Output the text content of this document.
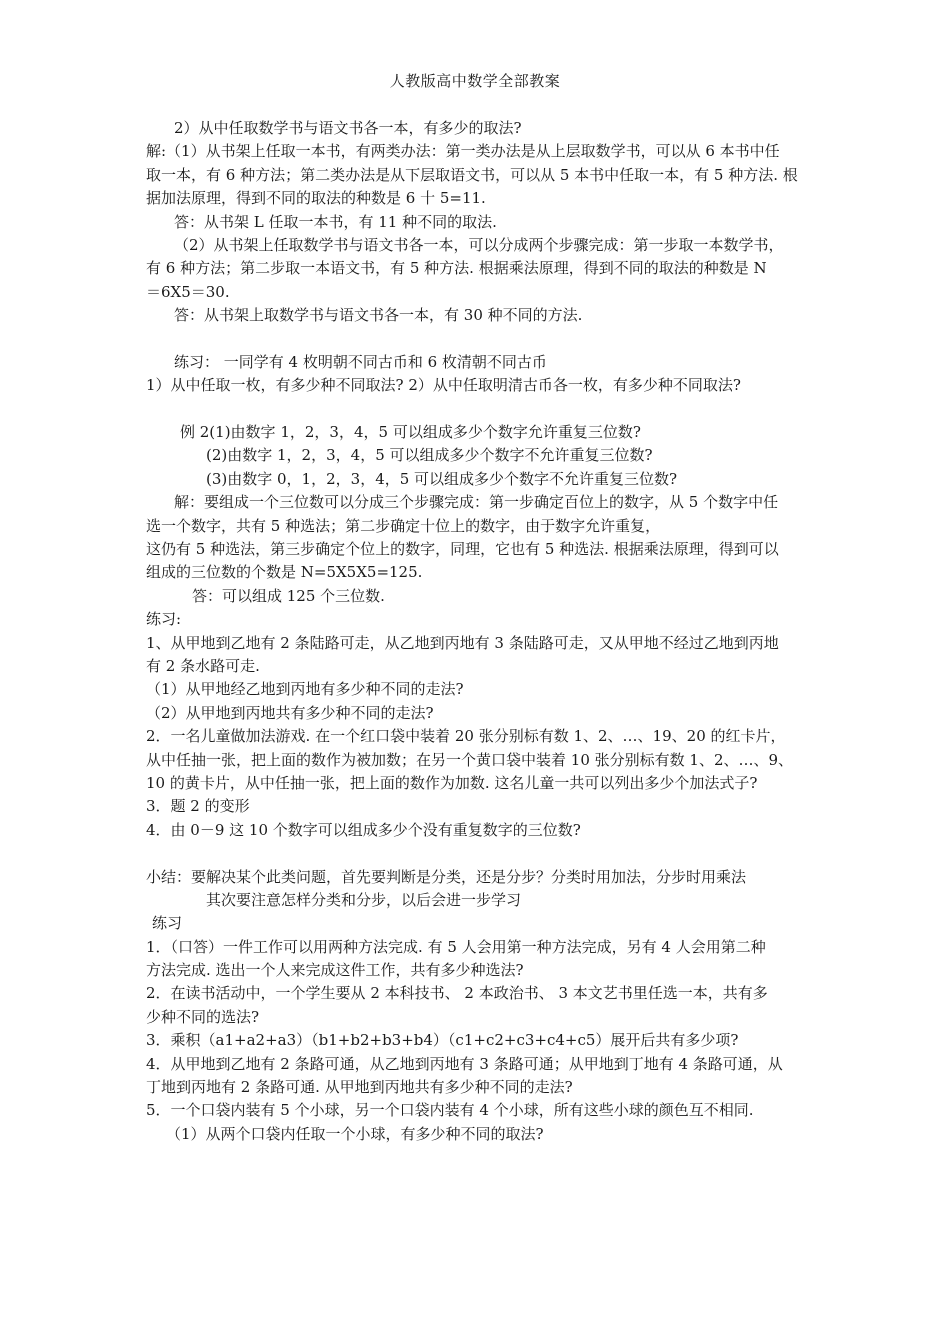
人教版高中数学全部教案
2）从中任取数学书与语文书各一本，有多少的取法?
解:（1）从书架上任取一本书，有两类办法：第一类办法是从上层取数学书，可以从 6 本书中任
取一本，有 6 种方法；第二类办法是从下层取语文书，可以从 5 本书中任取一本，有 5 种方法. 根
据加法原理，得到不同的取法的种数是 6 十 5=11.
答：从书架 L 任取一本书，有 11 种不同的取法.
（2）从书架上任取数学书与语文书各一本，可以分成两个步骤完成：第一步取一本数学书，
有 6 种方法；第二步取一本语文书，有 5 种方法. 根据乘法原理，得到不同的取法的种数是 N
＝6X5＝30.
答：从书架上取数学书与语文书各一本，有 30 种不同的方法.
练习： 一同学有 4 枚明朝不同古币和 6 枚清朝不同古币
1）从中任取一枚，有多少种不同取法? 2）从中任取明清古币各一枚，有多少种不同取法?
例 2(1)由数字 1，2，3，4，5 可以组成多少个数字允许重复三位数?
(2)由数字 1，2，3，4，5 可以组成多少个数字不允许重复三位数?
(3)由数字 0，1，2，3，4，5 可以组成多少个数字不允许重复三位数?
解：要组成一个三位数可以分成三个步骤完成：第一步确定百位上的数字，从 5 个数字中任
选一个数字，共有 5 种选法；第二步确定十位上的数字，由于数字允许重复，
这仍有 5 种选法，第三步确定个位上的数字，同理，它也有 5 种选法. 根据乘法原理，得到可以
组成的三位数的个数是 N=5X5X5=125.
答：可以组成 125 个三位数.
练习:
1、从甲地到乙地有 2 条陆路可走，从乙地到丙地有 3 条陆路可走，又从甲地不经过乙地到丙地
有 2 条水路可走.
（1）从甲地经乙地到丙地有多少种不同的走法?
（2）从甲地到丙地共有多少种不同的走法?
2．一名儿童做加法游戏. 在一个红口袋中装着 20 张分别标有数 1、2、…、19、20 的红卡片，
从中任抽一张，把上面的数作为被加数；在另一个黄口袋中装着 10 张分别标有数 1、2、…、9、
10 的黄卡片，从中任抽一张，把上面的数作为加数. 这名儿童一共可以列出多少个加法式子?
3．题 2 的变形
4．由 0－9 这 10 个数字可以组成多少个没有重复数字的三位数?
小结：要解决某个此类问题，首先要判断是分类，还是分步？分类时用加法，分步时用乘法
其次要注意怎样分类和分步，以后会进一步学习
练习
1．（口答）一件工作可以用两种方法完成. 有 5 人会用第一种方法完成，另有 4 人会用第二种
方法完成. 选出一个人来完成这件工作，共有多少种选法?
2．在读书活动中，一个学生要从 2 本科技书、 2 本政治书、 3 本文艺书里任选一本，共有多
少种不同的选法?
3．乘积（a1+a2+a3）（b1+b2+b3+b4）（c1+c2+c3+c4+c5）展开后共有多少项?
4．从甲地到乙地有 2 条路可通，从乙地到丙地有 3 条路可通；从甲地到丁地有 4 条路可通，从
丁地到丙地有 2 条路可通. 从甲地到丙地共有多少种不同的走法?
5．一个口袋内装有 5 个小球，另一个口袋内装有 4 个小球，所有这些小球的颜色互不相同.
（1）从两个口袋内任取一个小球，有多少种不同的取法?
